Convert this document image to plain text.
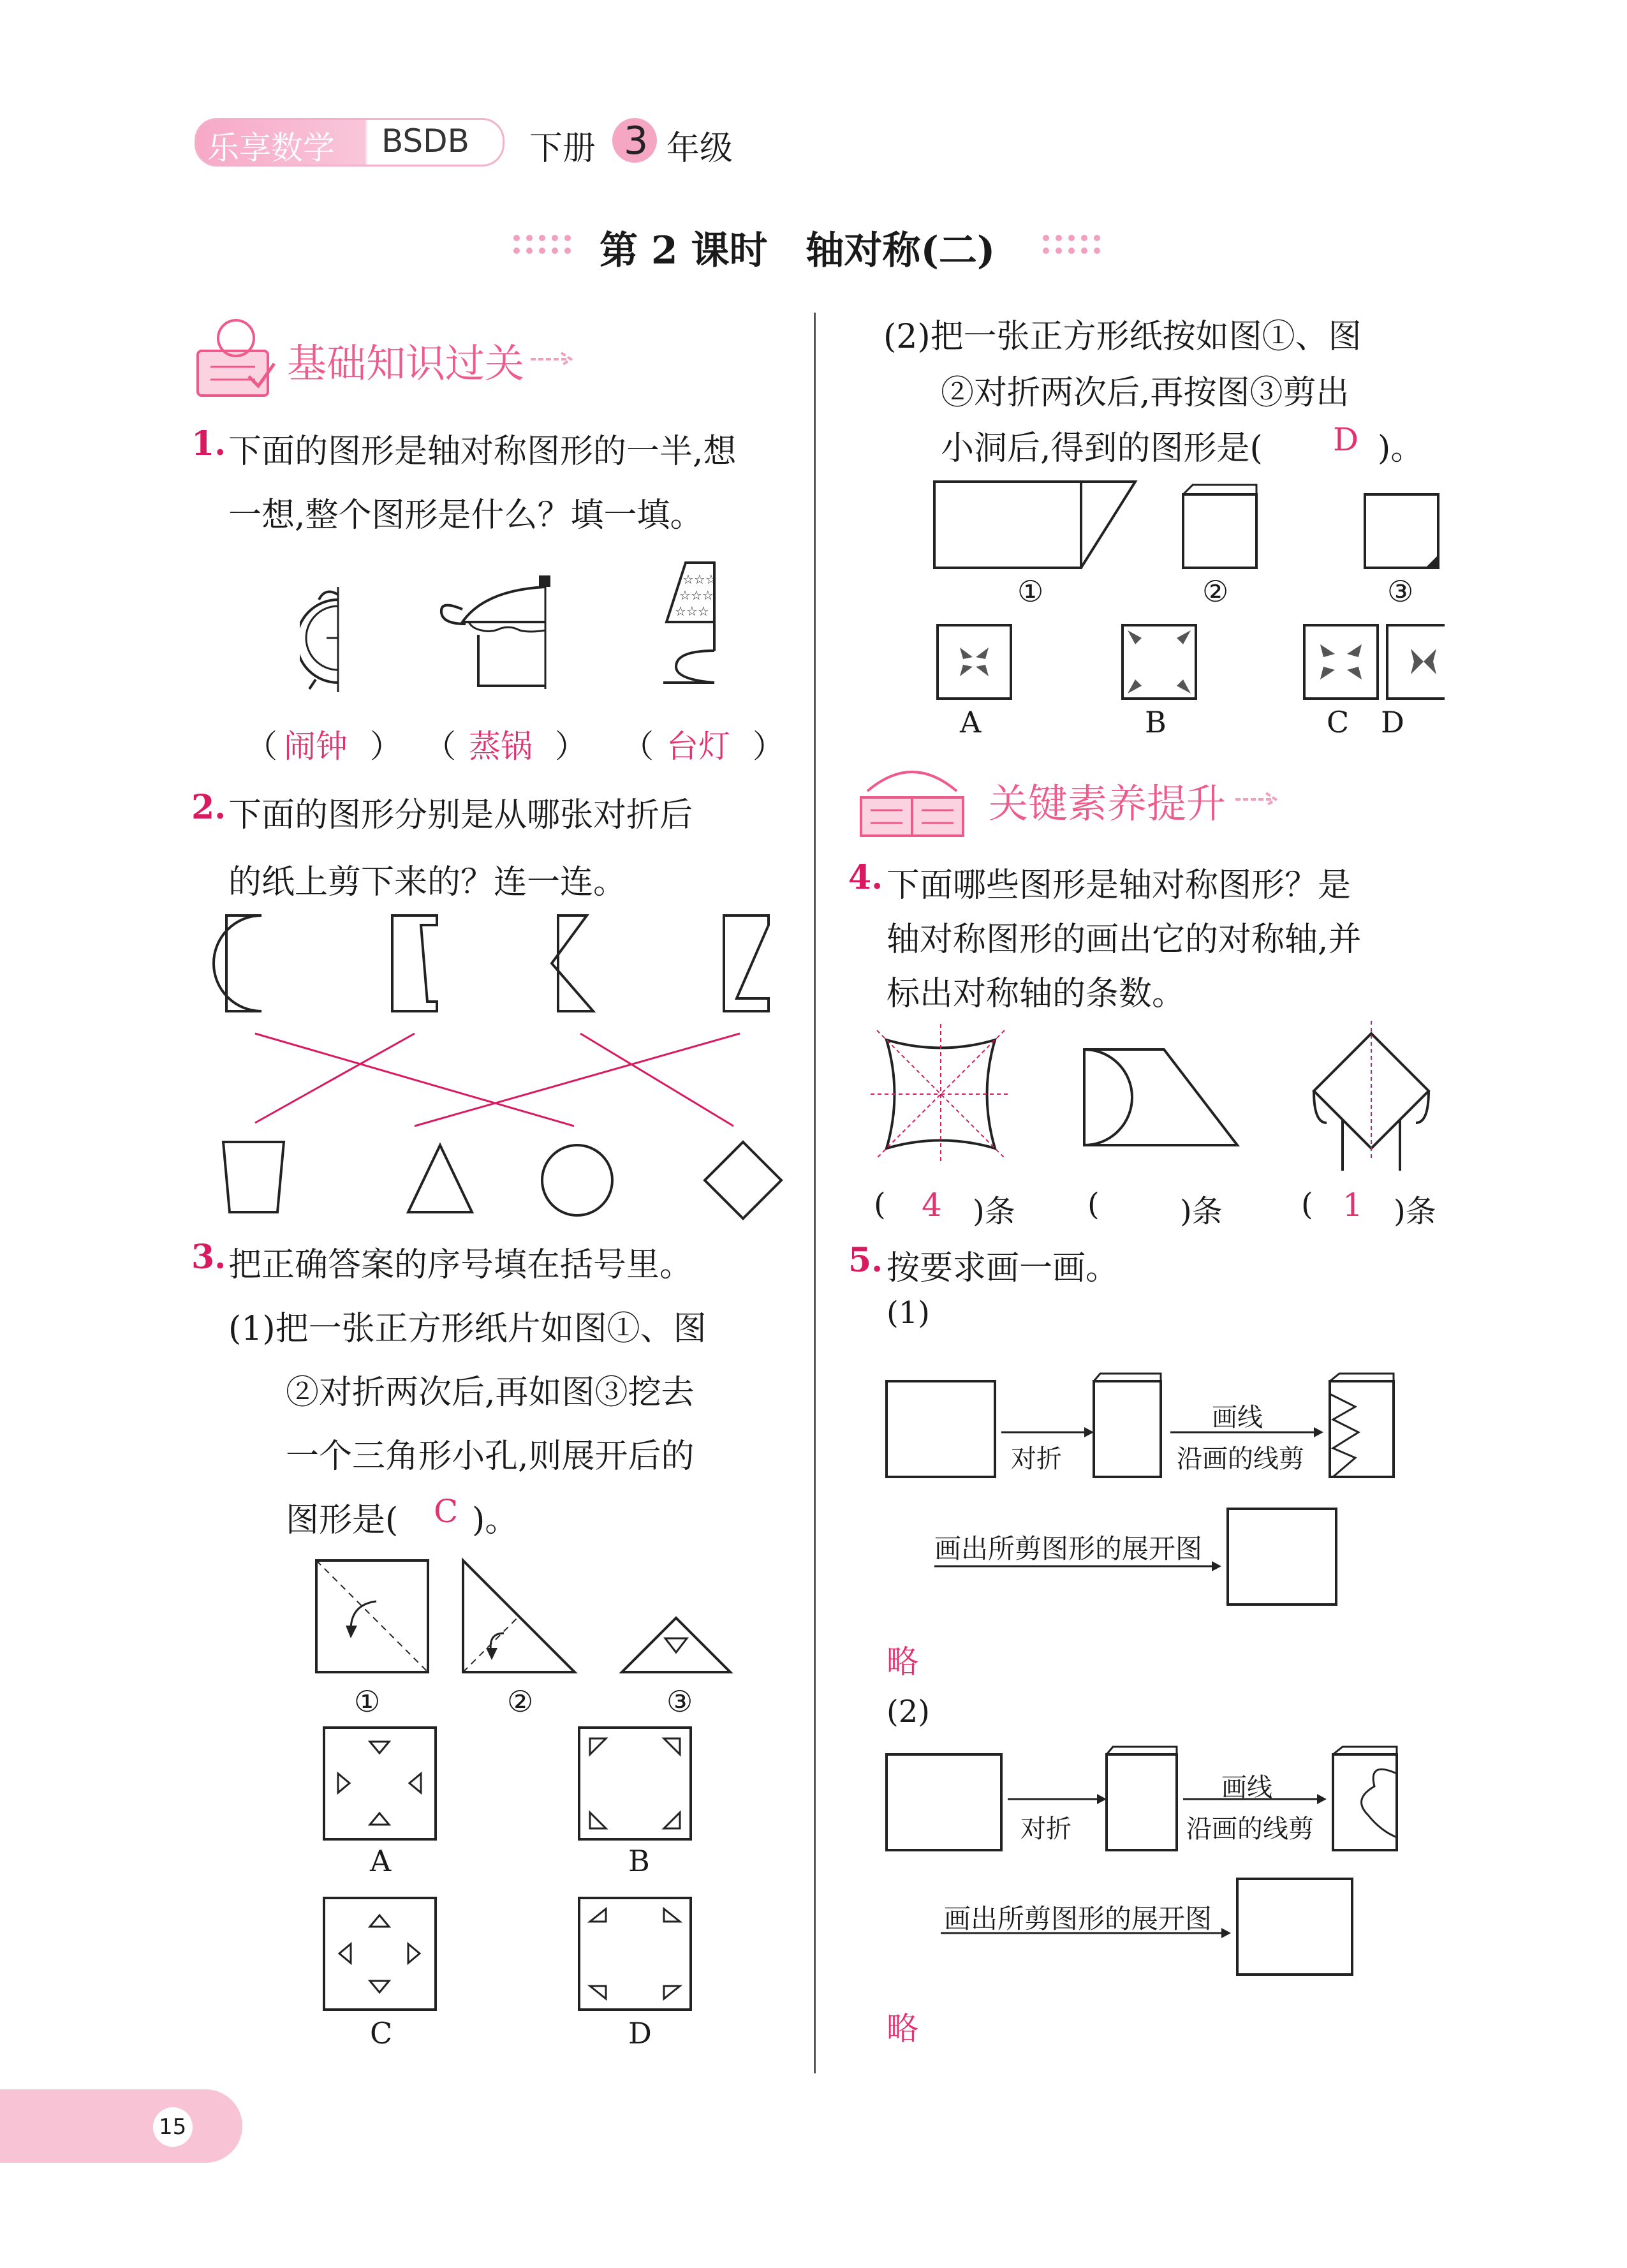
乐享数学 BSDB 下册 3 年级
第 2 课时　轴对称(二)
基础知识过关
1. 下面的图形是轴对称图形的一半,想
一想,整个图形是什么？填一填。
☆☆☆
☆☆☆
☆☆☆
（ 闹钟 ） （ 蒸锅 ） （ 台灯 ）
2. 下面的图形分别是从哪张对折后
的纸上剪下来的？连一连。
3. 把正确答案的序号填在括号里。
(1)把一张正方形纸片如图①、图
②对折两次后,再如图③挖去
一个三角形小孔,则展开后的
图形是( C )。
①	②	③
A	B
C	D
(2)把一张正方形纸按如图①、图
②对折两次后,再按图③剪出
小洞后,得到的图形是( D )。
①	②	③
A	B	C D
关键素养提升
4. 下面哪些图形是轴对称图形？是
轴对称图形的画出它的对称轴,并
标出对称轴的条数。
( 4 )条 (	)条	( 1 )条
5. 按要求画一画。
(1)
对折
画线
沿画的线剪
画出所剪图形的展开图
略
(2)
对折
画线
沿画的线剪
画出所剪图形的展开图
略
15
